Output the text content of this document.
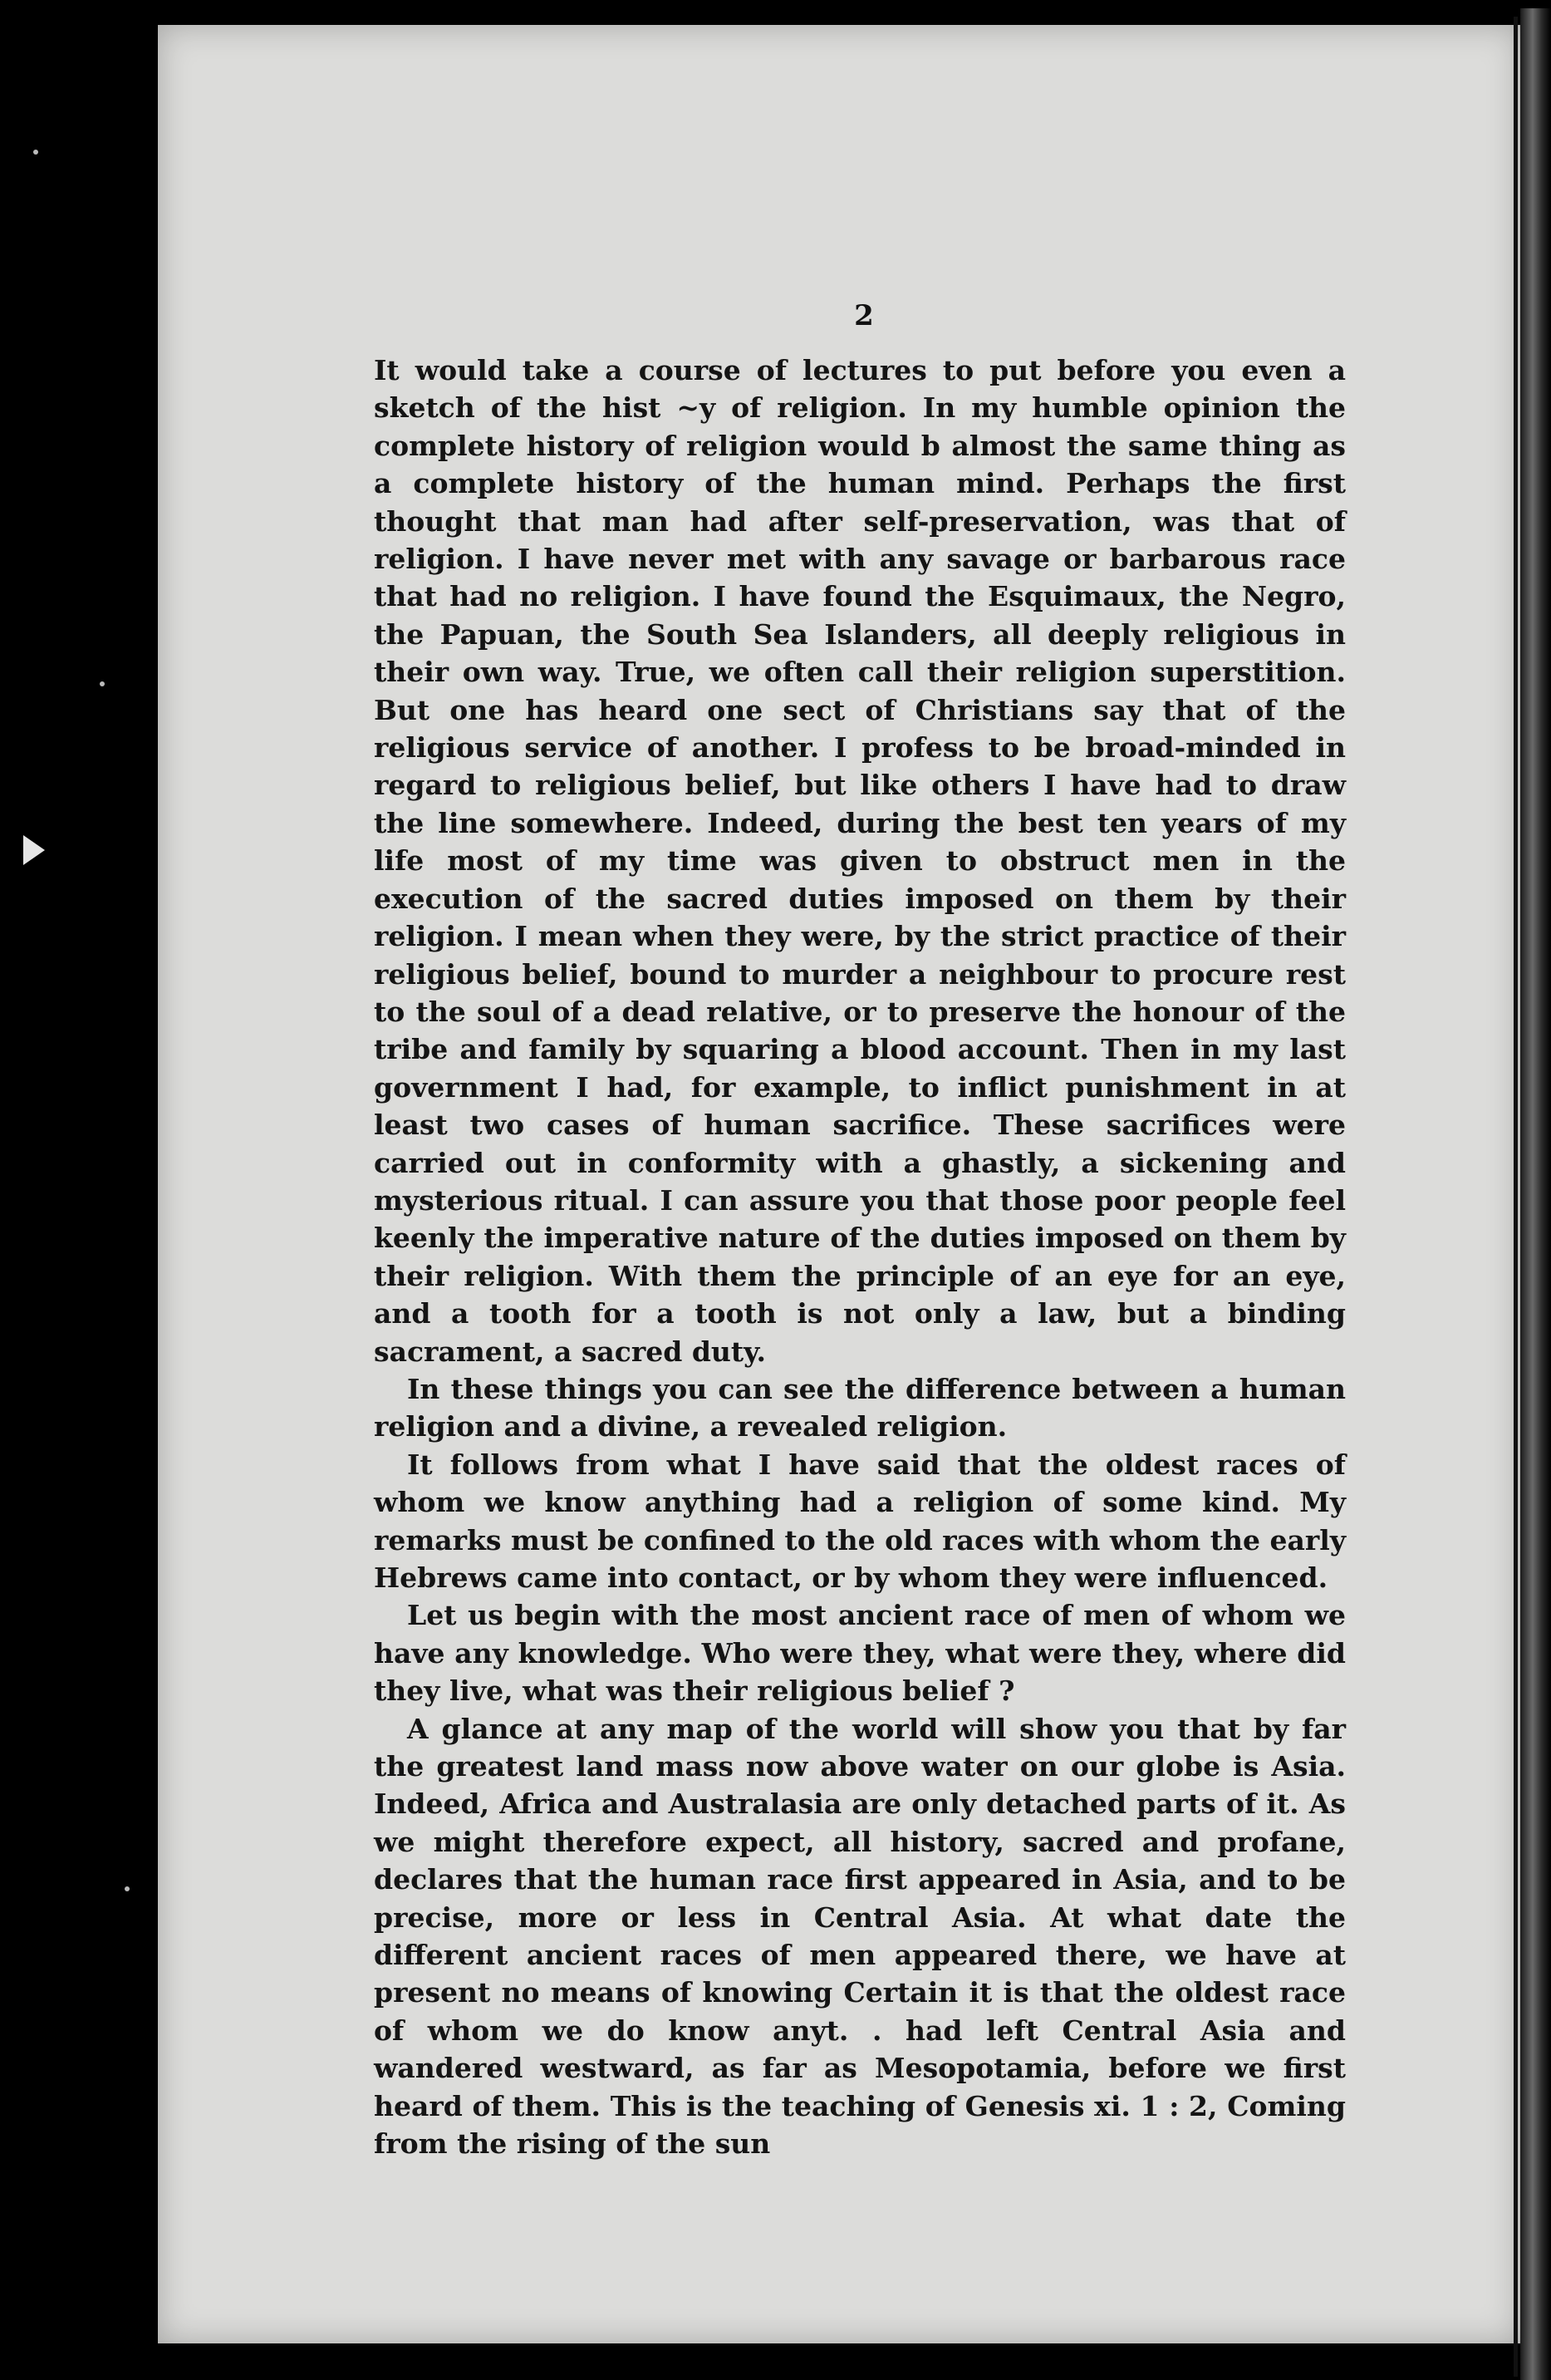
2

It would take a course of lectures to put before you even a sketch of the hist ~y of religion. In my humble opinion the complete history of religion would b almost the same thing as a complete history of the human mind. Perhaps the first thought that man had after self-preservation, was that of religion. I have never met with any savage or barbarous race that had no religion. I have found the Esquimaux, the Negro, the Papuan, the South Sea Islanders, all deeply religious in their own way. True, we often call their religion superstition. But one has heard one sect of Christians say that of the religious service of another. I profess to be broad-minded in regard to religious belief, but like others I have had to draw the line somewhere. Indeed, during the best ten years of my life most of my time was given to obstruct men in the execution of the sacred duties imposed on them by their religion. I mean when they were, by the strict practice of their religious belief, bound to murder a neighbour to procure rest to the soul of a dead relative, or to preserve the honour of the tribe and family by squaring a blood account. Then in my last government I had, for example, to inflict punishment in at least two cases of human sacrifice. These sacrifices were carried out in conformity with a ghastly, a sickening and mysterious ritual. I can assure you that those poor people feel keenly the imperative nature of the duties imposed on them by their religion. With them the principle of an eye for an eye, and a tooth for a tooth is not only a law, but a binding sacrament, a sacred duty.

In these things you can see the difference between a human religion and a divine, a revealed religion.

It follows from what I have said that the oldest races of whom we know anything had a religion of some kind. My remarks must be confined to the old races with whom the early Hebrews came into contact, or by whom they were influenced.

Let us begin with the most ancient race of men of whom we have any knowledge. Who were they, what were they, where did they live, what was their religious belief ?

A glance at any map of the world will show you that by far the greatest land mass now above water on our globe is Asia. Indeed, Africa and Australasia are only detached parts of it. As we might therefore expect, all history, sacred and profane, declares that the human race first appeared in Asia, and to be precise, more or less in Central Asia. At what date the different ancient races of men appeared there, we have at present no means of knowing Certain it is that the oldest race of whom we do know anyt. . had left Central Asia and wandered westward, as far as Mesopotamia, before we first heard of them. This is the teaching of Genesis xi. 1 : 2, Coming from the rising of the sun
